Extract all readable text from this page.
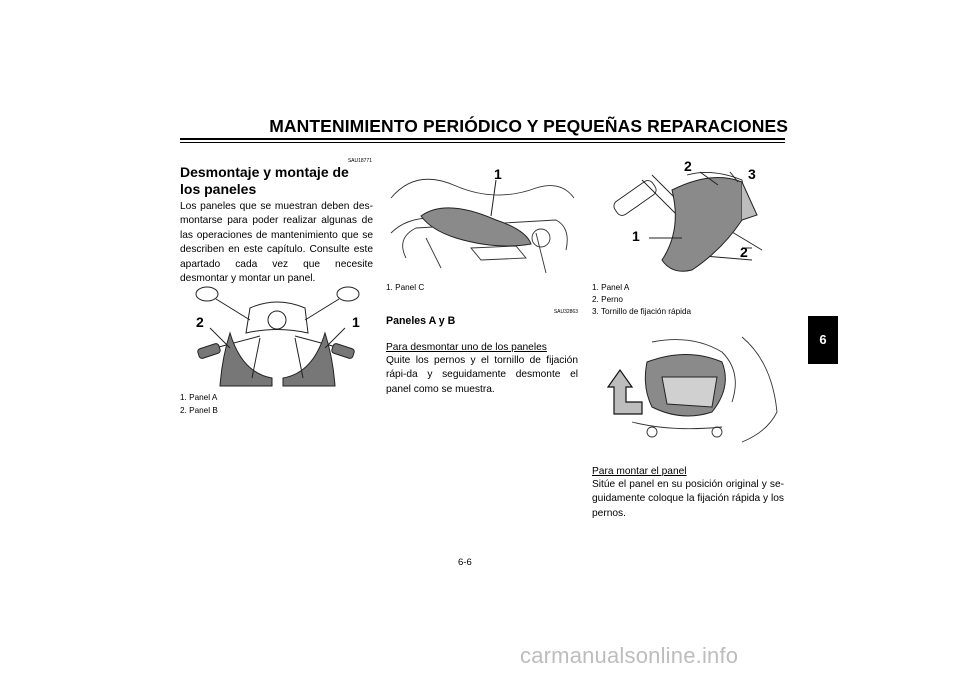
MANTENIMIENTO PERIÓDICO Y PEQUEÑAS REPARACIONES
SAU18771
Desmontaje y montaje de los paneles
Los paneles que se muestran deben des-montarse para poder realizar algunas de las operaciones de mantenimiento que se describen en este capítulo. Consulte este apartado cada vez que necesite desmontar y montar un panel.
2	1
1. Panel A
2. Panel B
1
1. Panel C
SAU32863
Paneles A y B
Para desmontar uno de los paneles
Quite los pernos y el tornillo de fijación rápi-da y seguidamente desmonte el panel como se muestra.
2	3
1
2
1. Panel A
2. Perno
3. Tornillo de fijación rápida
Para montar el panel
Sitúe el panel en su posición original y se-guidamente coloque la fijación rápida y los pernos.
6
6-6
carmanualsonline.info
